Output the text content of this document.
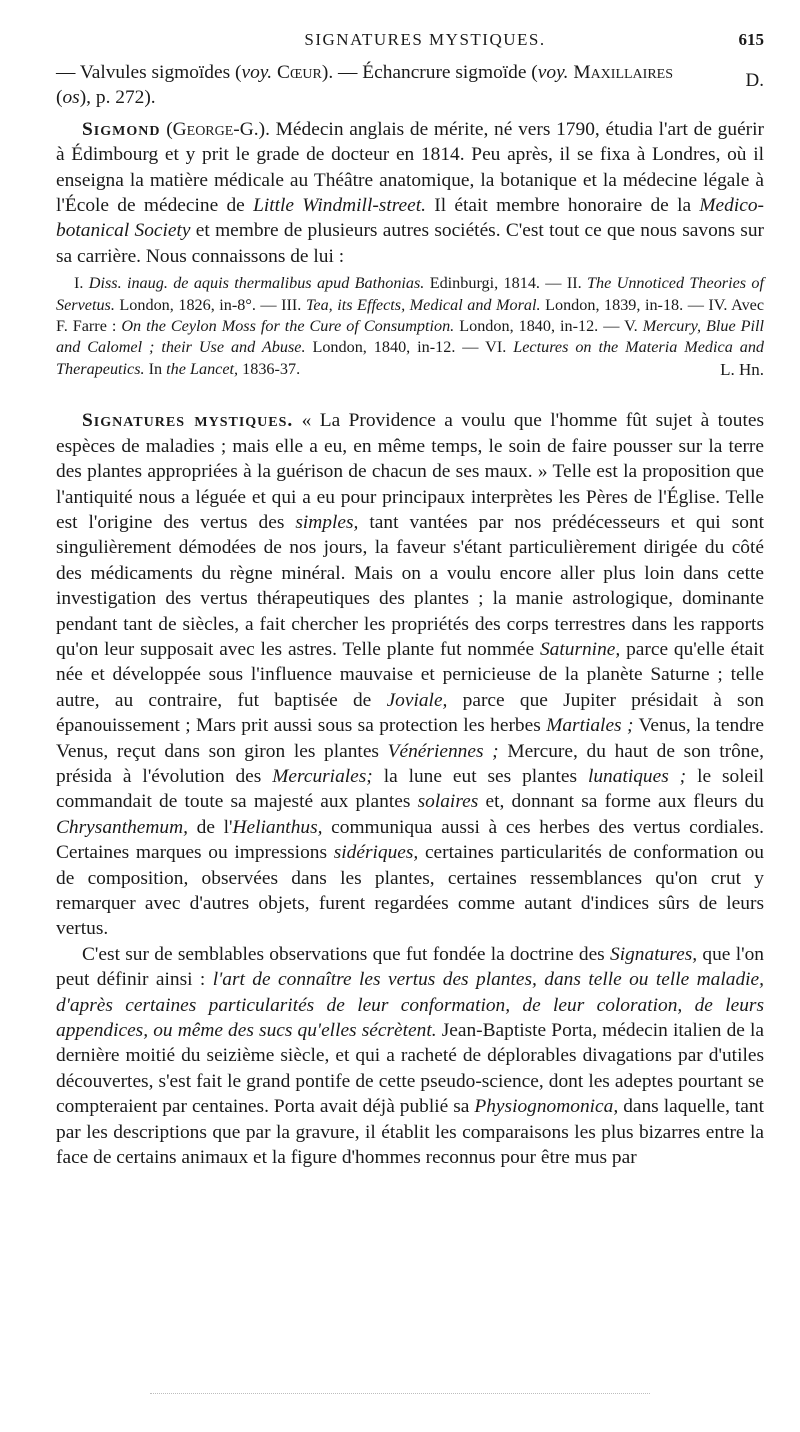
SIGNATURES MYSTIQUES.	615

— Valvules sigmoïdes (voy. Cœur). — Échancrure sigmoïde (voy. Maxillaires
(os), p. 272).

D.

Sigmond (George-G.). Médecin anglais de mérite, né vers 1790, étudia l'art de guérir à Édimbourg et y prit le grade de docteur en 1814. Peu après, il se fixa à Londres, où il enseigna la matière médicale au Théâtre anatomique, la botanique et la médecine légale à l'École de médecine de Little Windmill-street. Il était membre honoraire de la Medico-botanical Society et membre de plusieurs autres sociétés. C'est tout ce que nous savons sur sa carrière. Nous connaissons de lui :

I. Diss. inaug. de aquis thermalibus apud Bathonias. Edinburgi, 1814. — II. The Unnoticed Theories of Servetus. London, 1826, in-8°. — III. Tea, its Effects, Medical and Moral. London, 1839, in-18. — IV. Avec F. Farre : On the Ceylon Moss for the Cure of Consumption. London, 1840, in-12. — V. Mercury, Blue Pill and Calomel ; their Use and Abuse. London, 1840, in-12. — VI. Lectures on the Materia Medica and Therapeutics. In the Lancet, 1836-37.	L. Hn.

Signatures mystiques. « La Providence a voulu que l'homme fût sujet à toutes espèces de maladies ; mais elle a eu, en même temps, le soin de faire pousser sur la terre des plantes appropriées à la guérison de chacun de ses maux. » Telle est la proposition que l'antiquité nous a léguée et qui a eu pour principaux interprètes les Pères de l'Église. Telle est l'origine des vertus des simples, tant vantées par nos prédécesseurs et qui sont singulièrement démodées de nos jours, la faveur s'étant particulièrement dirigée du côté des médicaments du règne minéral. Mais on a voulu encore aller plus loin dans cette investigation des vertus thérapeutiques des plantes ; la manie astrologique, dominante pendant tant de siècles, a fait chercher les propriétés des corps terrestres dans les rapports qu'on leur supposait avec les astres. Telle plante fut nommée Saturnine, parce qu'elle était née et développée sous l'influence mauvaise et pernicieuse de la planète Saturne ; telle autre, au contraire, fut baptisée de Joviale, parce que Jupiter présidait à son épanouissement ; Mars prit aussi sous sa protection les herbes Martiales ; Venus, la tendre Venus, reçut dans son giron les plantes Vénériennes ; Mercure, du haut de son trône, présida à l'évolution des Mercuriales; la lune eut ses plantes lunatiques ; le soleil commandait de toute sa majesté aux plantes solaires et, donnant sa forme aux fleurs du Chrysanthemum, de l'Helianthus, communiqua aussi à ces herbes des vertus cordiales. Certaines marques ou impressions sidériques, certaines particularités de conformation ou de composition, observées dans les plantes, certaines ressemblances qu'on crut y remarquer avec d'autres objets, furent regardées comme autant d'indices sûrs de leurs vertus.

C'est sur de semblables observations que fut fondée la doctrine des Signatures, que l'on peut définir ainsi : l'art de connaître les vertus des plantes, dans telle ou telle maladie, d'après certaines particularités de leur conformation, de leur coloration, de leurs appendices, ou même des sucs qu'elles sécrètent. Jean-Baptiste Porta, médecin italien de la dernière moitié du seizième siècle, et qui a racheté de déplorables divagations par d'utiles découvertes, s'est fait le grand pontife de cette pseudo-science, dont les adeptes pourtant se compteraient par centaines. Porta avait déjà publié sa Physiognomonica, dans laquelle, tant par les descriptions que par la gravure, il établit les comparaisons les plus bizarres entre la face de certains animaux et la figure d'hommes reconnus pour être mus par
